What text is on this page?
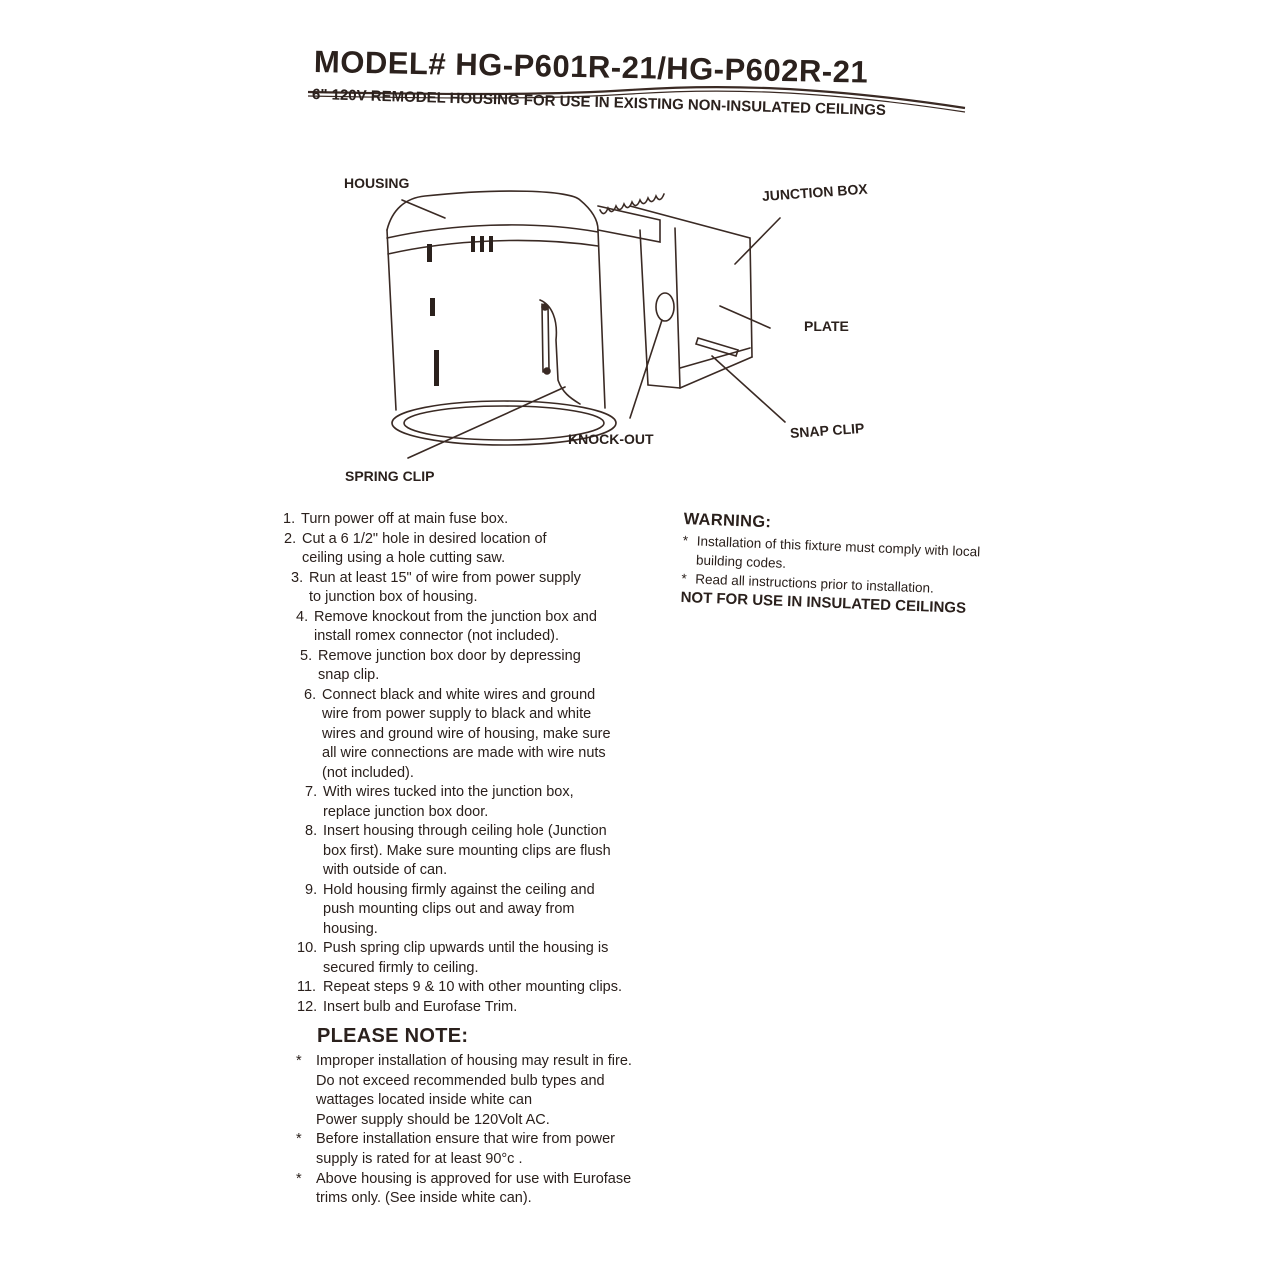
MODEL# HG-P601R-21/HG-P602R-21
6" 120V REMODEL HOUSING FOR USE IN EXISTING NON-INSULATED CEILINGS
HOUSING	JUNCTION BOX
PLATE
KNOCK-OUT	SNAP CLIP
SPRING CLIP
1. Turn power off at main fuse box.
2. Cut a 6 1/2" hole in desired location of ceiling using a hole cutting saw.
3. Run at least 15" of wire from power supply to junction box of housing.
4. Remove knockout from the junction box and install romex connector (not included).
5. Remove junction box door by depressing snap clip.
6. Connect black and white wires and ground wire from power supply to black and white wires and ground wire of housing, make sure all wire connections are made with wire nuts (not included).
7. With wires tucked into the junction box, replace junction box door.
8. Insert housing through ceiling hole (Junction box first). Make sure mounting clips are flush with outside of can.
9. Hold housing firmly against the ceiling and push mounting clips out and away from housing.
10. Push spring clip upwards until the housing is secured firmly to ceiling.
11. Repeat steps 9 & 10 with other mounting clips.
12. Insert bulb and Eurofase Trim.
PLEASE NOTE:
* Improper installation of housing may result in fire.
Do not exceed recommended bulb types and wattages located inside white can
Power supply should be 120Volt AC.
* Before installation ensure that wire from power supply is rated for at least 90°c .
* Above housing is approved for use with Eurofase trims only. (See inside white can).
WARNING:
* Installation of this fixture must comply with local building codes.
* Read all instructions prior to installation.
NOT FOR USE IN INSULATED CEILINGS
